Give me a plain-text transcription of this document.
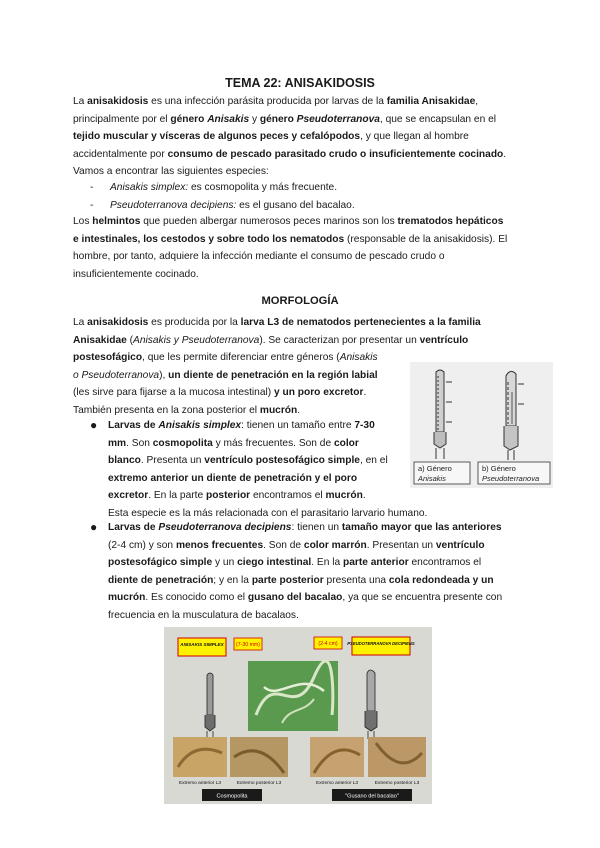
TEMA 22: ANISAKIDOSIS
La anisakidosis es una infección parásita producida por larvas de la familia Anisakidae,
principalmente por el género Anisakis y género Pseudoterranova, que se encapsulan en el
tejido muscular y vísceras de algunos peces y cefalópodos, y que llegan al hombre
accidentalmente por consumo de pescado parasitado crudo o insuficientemente cocinado.
Vamos a encontrar las siguientes especies:
- Anisakis simplex: es cosmopolita y más frecuente.
- Pseudoterranova decipiens: es el gusano del bacalao.
Los helmintos que pueden albergar numerosos peces marinos son los trematodos hepáticos
e intestinales, los cestodos y sobre todo los nematodos (responsable de la anisakidosis). El
hombre, por tanto, adquiere la infección mediante el consumo de pescado crudo o
insuficientemente cocinado.
MORFOLOGÍA
La anisakidosis es producida por la larva L3 de nematodos pertenecientes a la familia
Anisakidae (Anisakis y Pseudoterranova). Se caracterizan por presentar un ventrículo
postesofágico, que les permite diferenciar entre géneros (Anisakis
o Pseudoterranova), un diente de penetración en la región labial
(les sirve para fijarse a la mucosa intestinal) y un poro excretor.
También presenta en la zona posterior el mucrón.
● Larvas de Anisakis simplex: tienen un tamaño entre 7-30
mm. Son cosmopolita y más frecuentes. Son de color
blanco. Presenta un ventrículo postesofágico simple, en el
extremo anterior un diente de penetración y el poro
excretor. En la parte posterior encontramos el mucrón.
Esta especie es la más relacionada con el parasitario larvario humano.
● Larvas de Pseudoterranova decipiens: tienen un tamaño mayor que las anteriores
(2-4 cm) y son menos frecuentes. Son de color marrón. Presentan un ventrículo
postesofágico simple y un ciego intestinal. En la parte anterior encontramos el
diente de penetración; y en la parte posterior presenta una cola redondeada y un
mucrón. Es conocido como el gusano del bacalao, ya que se encuentra presente con
frecuencia en la musculatura de bacalaos.
a) Género
Anisakis
b) Género
Pseudoterranova
ANISAKIS SIMPLEX (7-30 mm)	(2-4 cm) PSEUDOTERRANOVA DECIPIENS
Extremo anterior L3	Extremo posterior L3	Extremo anterior L3	Extremo posterior L3
Cosmopolita	"Gusano del bacalao"
